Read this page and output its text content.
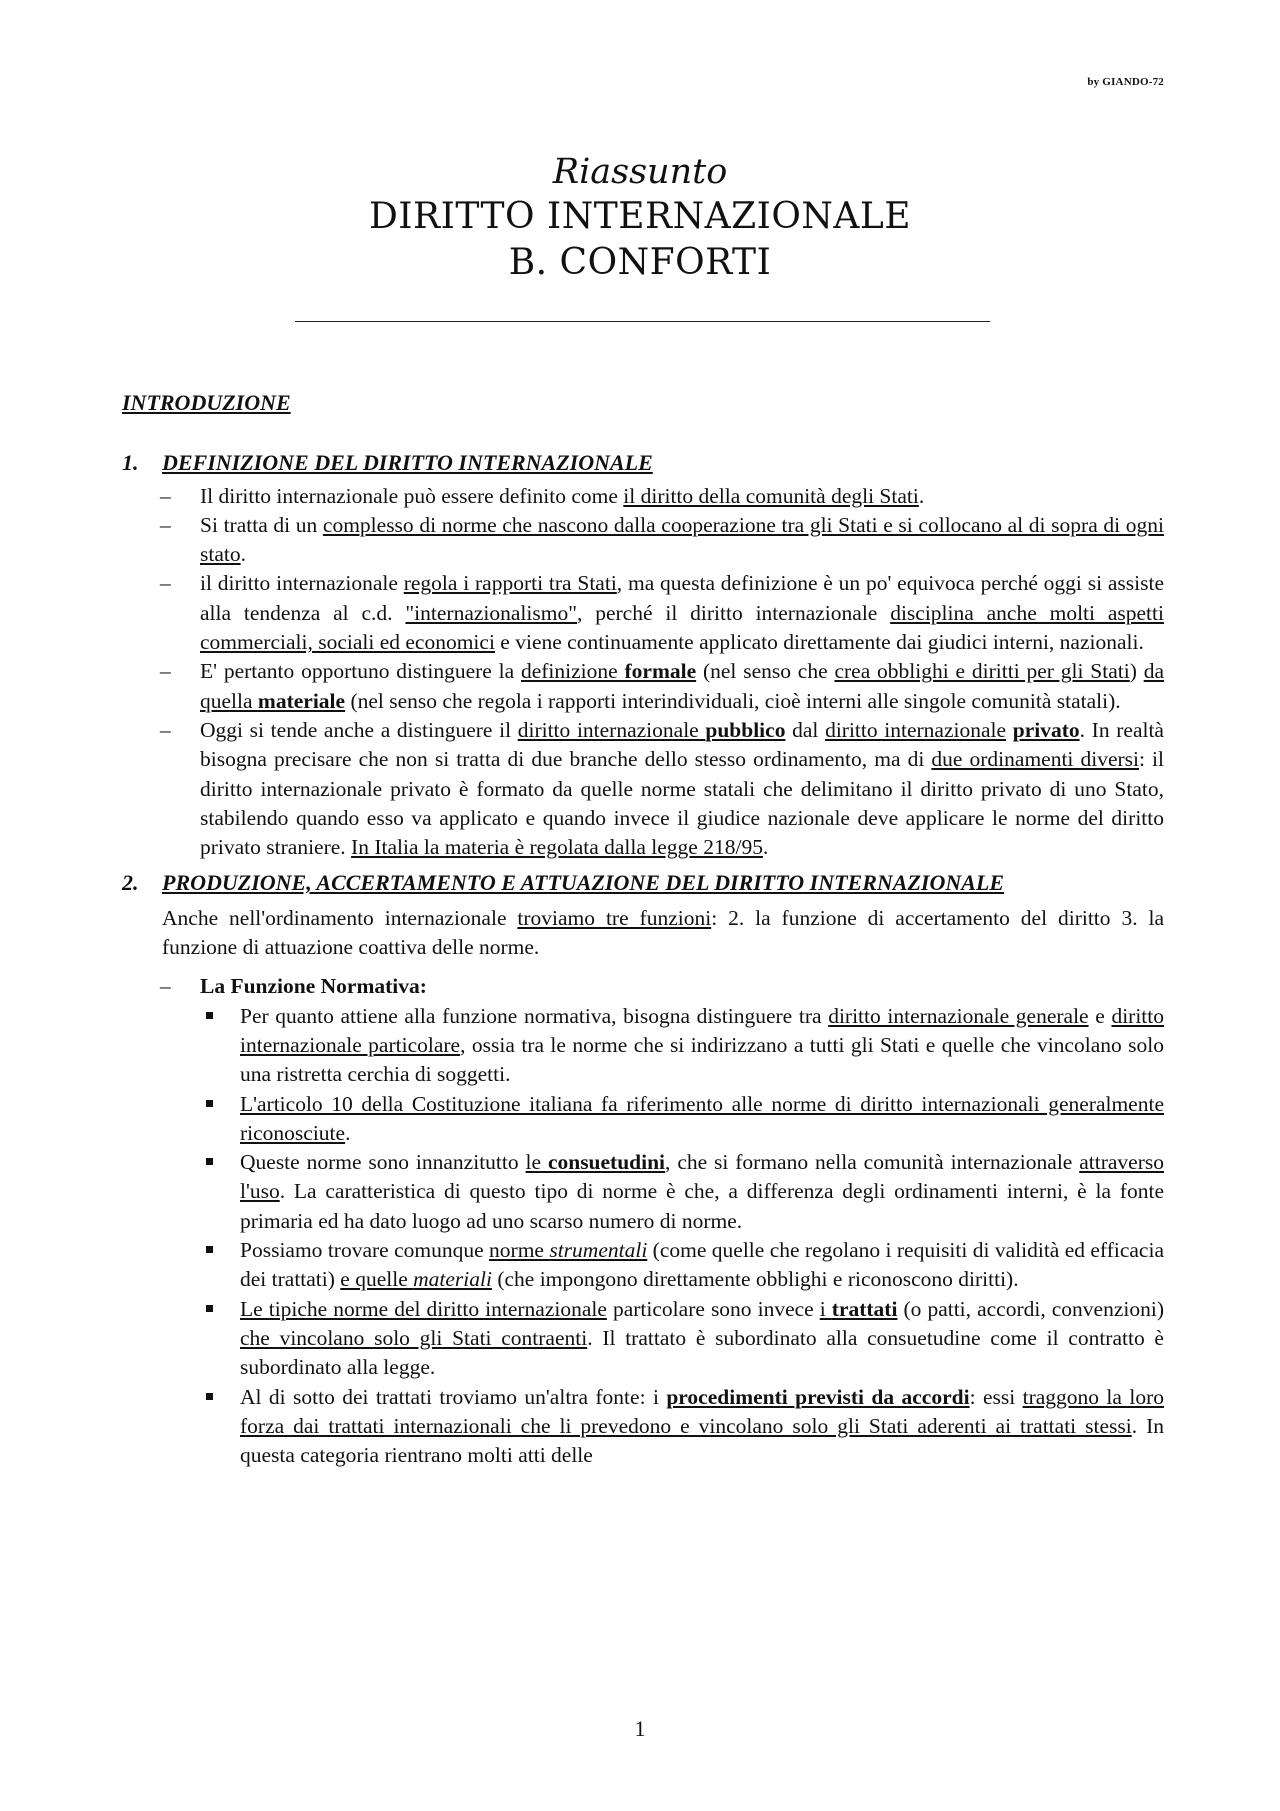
by GIANDO-72
Riassunto
DIRITTO INTERNAZIONALE
B. CONFORTI

INTRODUZIONE

1. DEFINIZIONE DEL DIRITTO INTERNAZIONALE

– Il diritto internazionale può essere definito come il diritto della comunità degli Stati.
– Si tratta di un complesso di norme che nascono dalla cooperazione tra gli Stati e si collocano al di sopra di ogni stato.
– il diritto internazionale regola i rapporti tra Stati, ma questa definizione è un po' equivoca perché oggi si assiste alla tendenza al c.d. "internazionalismo", perché il diritto internazionale disciplina anche molti aspetti commerciali, sociali ed economici e viene continuamente applicato direttamente dai giudici interni, nazionali.
– E' pertanto opportuno distinguere la definizione formale (nel senso che crea obblighi e diritti per gli Stati) da quella materiale (nel senso che regola i rapporti interindividuali, cioè interni alle singole comunità statali).
– Oggi si tende anche a distinguere il diritto internazionale pubblico dal diritto internazionale privato. In realtà bisogna precisare che non si tratta di due branche dello stesso ordinamento, ma di due ordinamenti diversi: il diritto internazionale privato è formato da quelle norme statali che delimitano il diritto privato di uno Stato, stabilendo quando esso va applicato e quando invece il giudice nazionale deve applicare le norme del diritto privato straniere. In Italia la materia è regolata dalla legge 218/95.

2. PRODUZIONE, ACCERTAMENTO E ATTUAZIONE DEL DIRITTO INTERNAZIONALE

Anche nell'ordinamento internazionale troviamo tre funzioni: 2. la funzione di accertamento del diritto 3. la funzione di attuazione coattiva delle norme.

– La Funzione Normativa:
Per quanto attiene alla funzione normativa, bisogna distinguere tra diritto internazionale generale e diritto internazionale particolare, ossia tra le norme che si indirizzano a tutti gli Stati e quelle che vincolano solo una ristretta cerchia di soggetti.
L'articolo 10 della Costituzione italiana fa riferimento alle norme di diritto internazionali generalmente riconosciute.
Queste norme sono innanzitutto le consuetudini, che si formano nella comunità internazionale attraverso l'uso. La caratteristica di questo tipo di norme è che, a differenza degli ordinamenti interni, è la fonte primaria ed ha dato luogo ad uno scarso numero di norme.
Possiamo trovare comunque norme strumentali (come quelle che regolano i requisiti di validità ed efficacia dei trattati) e quelle materiali (che impongono direttamente obblighi e riconoscono diritti).
Le tipiche norme del diritto internazionale particolare sono invece i trattati (o patti, accordi, convenzioni) che vincolano solo gli Stati contraenti. Il trattato è subordinato alla consuetudine come il contratto è subordinato alla legge.
Al di sotto dei trattati troviamo un'altra fonte: i procedimenti previsti da accordi: essi traggono la loro forza dai trattati internazionali che li prevedono e vincolano solo gli Stati aderenti ai trattati stessi. In questa categoria rientrano molti atti delle
1
